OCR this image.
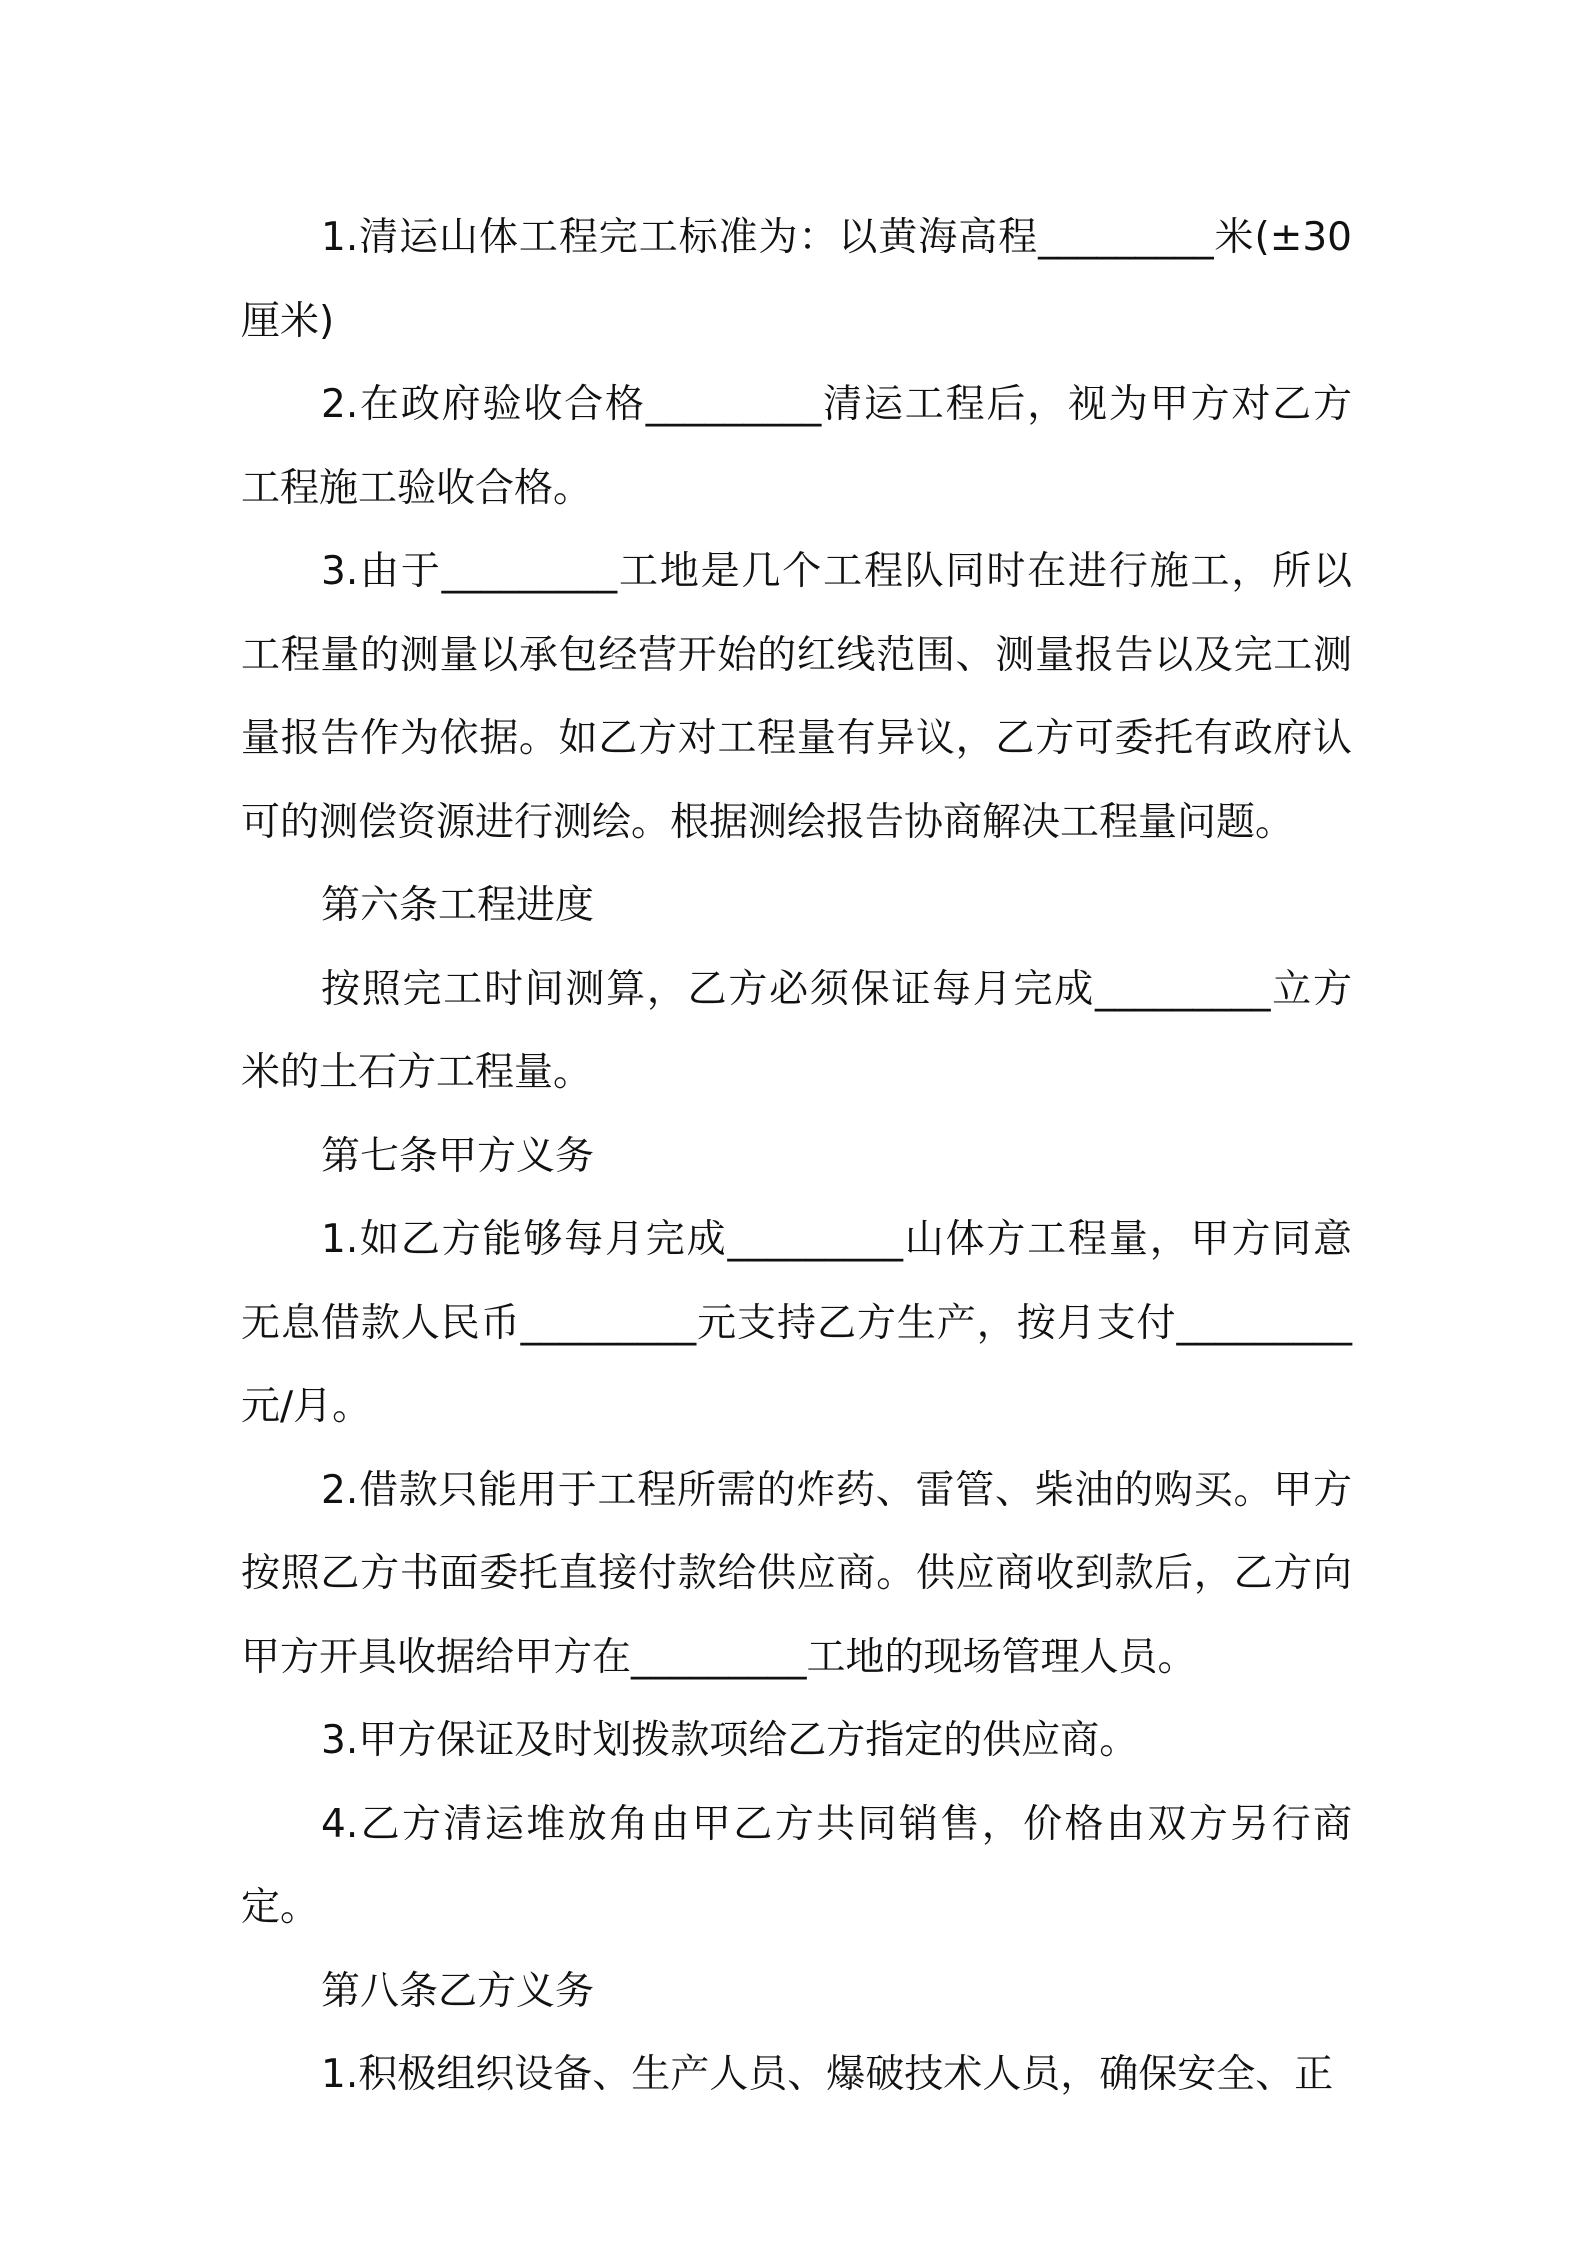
1.清运山体工程完工标准为：以黄海高程_________米(±30 厘米)

2.在政府验收合格_________清运工程后，视为甲方对乙方工程施工验收合格。

3.由于_________工地是几个工程队同时在进行施工，所以工程量的测量以承包经营开始的红线范围、测量报告以及完工测量报告作为依据。如乙方对工程量有异议，乙方可委托有政府认可的测偿资源进行测绘。根据测绘报告协商解决工程量问题。

第六条工程进度

按照完工时间测算，乙方必须保证每月完成_________立方米的土石方工程量。

第七条甲方义务

1.如乙方能够每月完成_________山体方工程量，甲方同意无息借款人民币_________元支持乙方生产，按月支付_________元/月。

2.借款只能用于工程所需的炸药、雷管、柴油的购买。甲方按照乙方书面委托直接付款给供应商。供应商收到款后，乙方向甲方开具收据给甲方在_________工地的现场管理人员。

3.甲方保证及时划拨款项给乙方指定的供应商。

4.乙方清运堆放角由甲乙方共同销售，价格由双方另行商定。

第八条乙方义务

1.积极组织设备、生产人员、爆破技术人员，确保安全、正
